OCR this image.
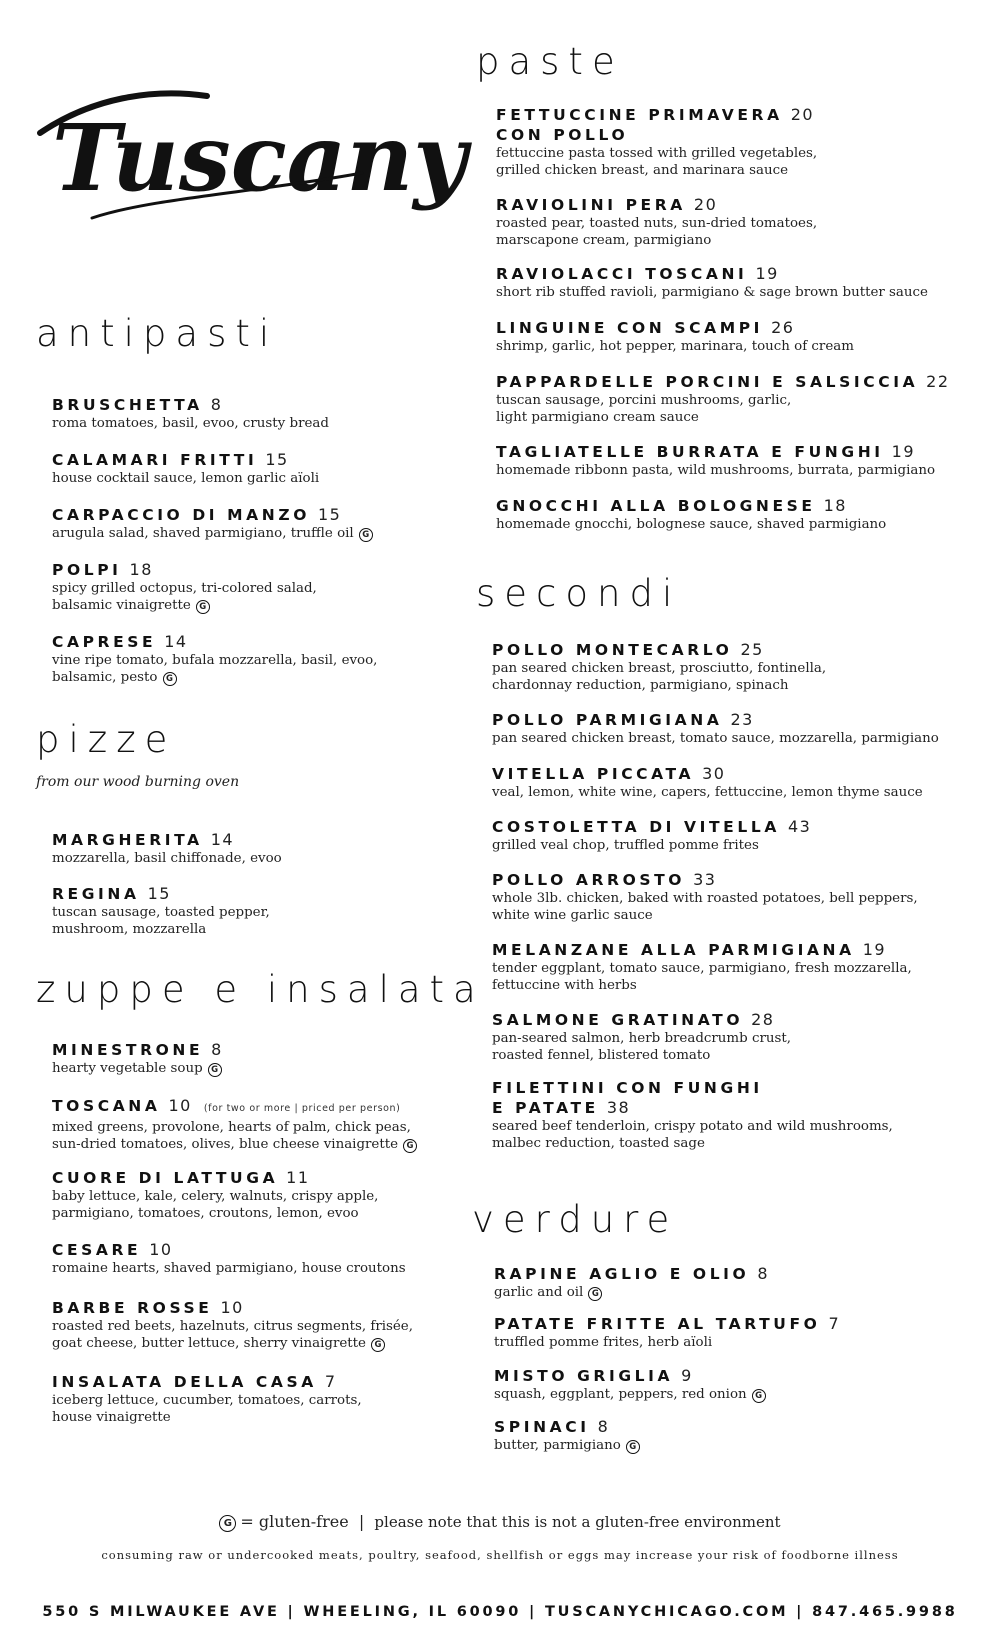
Tuscany
antipasti
pizze
from our wood burning oven
zuppe e insalata
paste
secondi
verdure
BRUSCHETTA 8
roma tomatoes, basil, evoo, crusty bread
CALAMARI FRITTI 15
house cocktail sauce, lemon garlic aïoli
CARPACCIO DI MANZO 15
arugula salad, shaved parmigiano, truffle oil G
POLPI 18
spicy grilled octopus, tri-colored salad,
balsamic vinaigrette G
CAPRESE 14
vine ripe tomato, bufala mozzarella, basil, evoo,
balsamic, pesto G
MARGHERITA 14
mozzarella, basil chiffonade, evoo
REGINA 15
tuscan sausage, toasted pepper,
mushroom, mozzarella
MINESTRONE 8
hearty vegetable soup G
TOSCANA 10 (for two or more | priced per person)
mixed greens, provolone, hearts of palm, chick peas,
sun-dried tomatoes, olives, blue cheese vinaigrette G
CUORE DI LATTUGA 11
baby lettuce, kale, celery, walnuts, crispy apple,
parmigiano, tomatoes, croutons, lemon, evoo
CESARE 10
romaine hearts, shaved parmigiano, house croutons
BARBE ROSSE 10
roasted red beets, hazelnuts, citrus segments, frisée,
goat cheese, butter lettuce, sherry vinaigrette G
INSALATA DELLA CASA 7
iceberg lettuce, cucumber, tomatoes, carrots,
house vinaigrette
FETTUCCINE PRIMAVERA 20
CON POLLO
fettuccine pasta tossed with grilled vegetables,
grilled chicken breast, and marinara sauce
RAVIOLINI PERA 20
roasted pear, toasted nuts, sun-dried tomatoes,
marscapone cream, parmigiano
RAVIOLACCI TOSCANI 19
short rib stuffed ravioli, parmigiano & sage brown butter sauce
LINGUINE CON SCAMPI 26
shrimp, garlic, hot pepper, marinara, touch of cream
PAPPARDELLE PORCINI E SALSICCIA 22
tuscan sausage, porcini mushrooms, garlic,
light parmigiano cream sauce
TAGLIATELLE BURRATA E FUNGHI 19
homemade ribbonn pasta, wild mushrooms, burrata, parmigiano
GNOCCHI ALLA BOLOGNESE 18
homemade gnocchi, bolognese sauce, shaved parmigiano
POLLO MONTECARLO 25
pan seared chicken breast, prosciutto, fontinella,
chardonnay reduction, parmigiano, spinach
POLLO PARMIGIANA 23
pan seared chicken breast, tomato sauce, mozzarella, parmigiano
VITELLA PICCATA 30
veal, lemon, white wine, capers, fettuccine, lemon thyme sauce
COSTOLETTA DI VITELLA 43
grilled veal chop, truffled pomme frites
POLLO ARROSTO 33
whole 3lb. chicken, baked with roasted potatoes, bell peppers,
white wine garlic sauce
MELANZANE ALLA PARMIGIANA 19
tender eggplant, tomato sauce, parmigiano, fresh mozzarella,
fettuccine with herbs
SALMONE GRATINATO 28
pan-seared salmon, herb breadcrumb crust,
roasted fennel, blistered tomato
FILETTINI CON FUNGHI
E PATATE 38
seared beef tenderloin, crispy potato and wild mushrooms,
malbec reduction, toasted sage
RAPINE AGLIO E OLIO 8
garlic and oil G
PATATE FRITTE AL TARTUFO 7
truffled pomme frites, herb aïoli
MISTO GRIGLIA 9
squash, eggplant, peppers, red onion G
SPINACI 8
butter, parmigiano G
G = gluten-free | please note that this is not a gluten-free environment
consuming raw or undercooked meats, poultry, seafood, shellfish or eggs may increase your risk of foodborne illness
550 S MILWAUKEE AVE | WHEELING, IL 60090 | TUSCANYCHICAGO.COM | 847.465.9988
